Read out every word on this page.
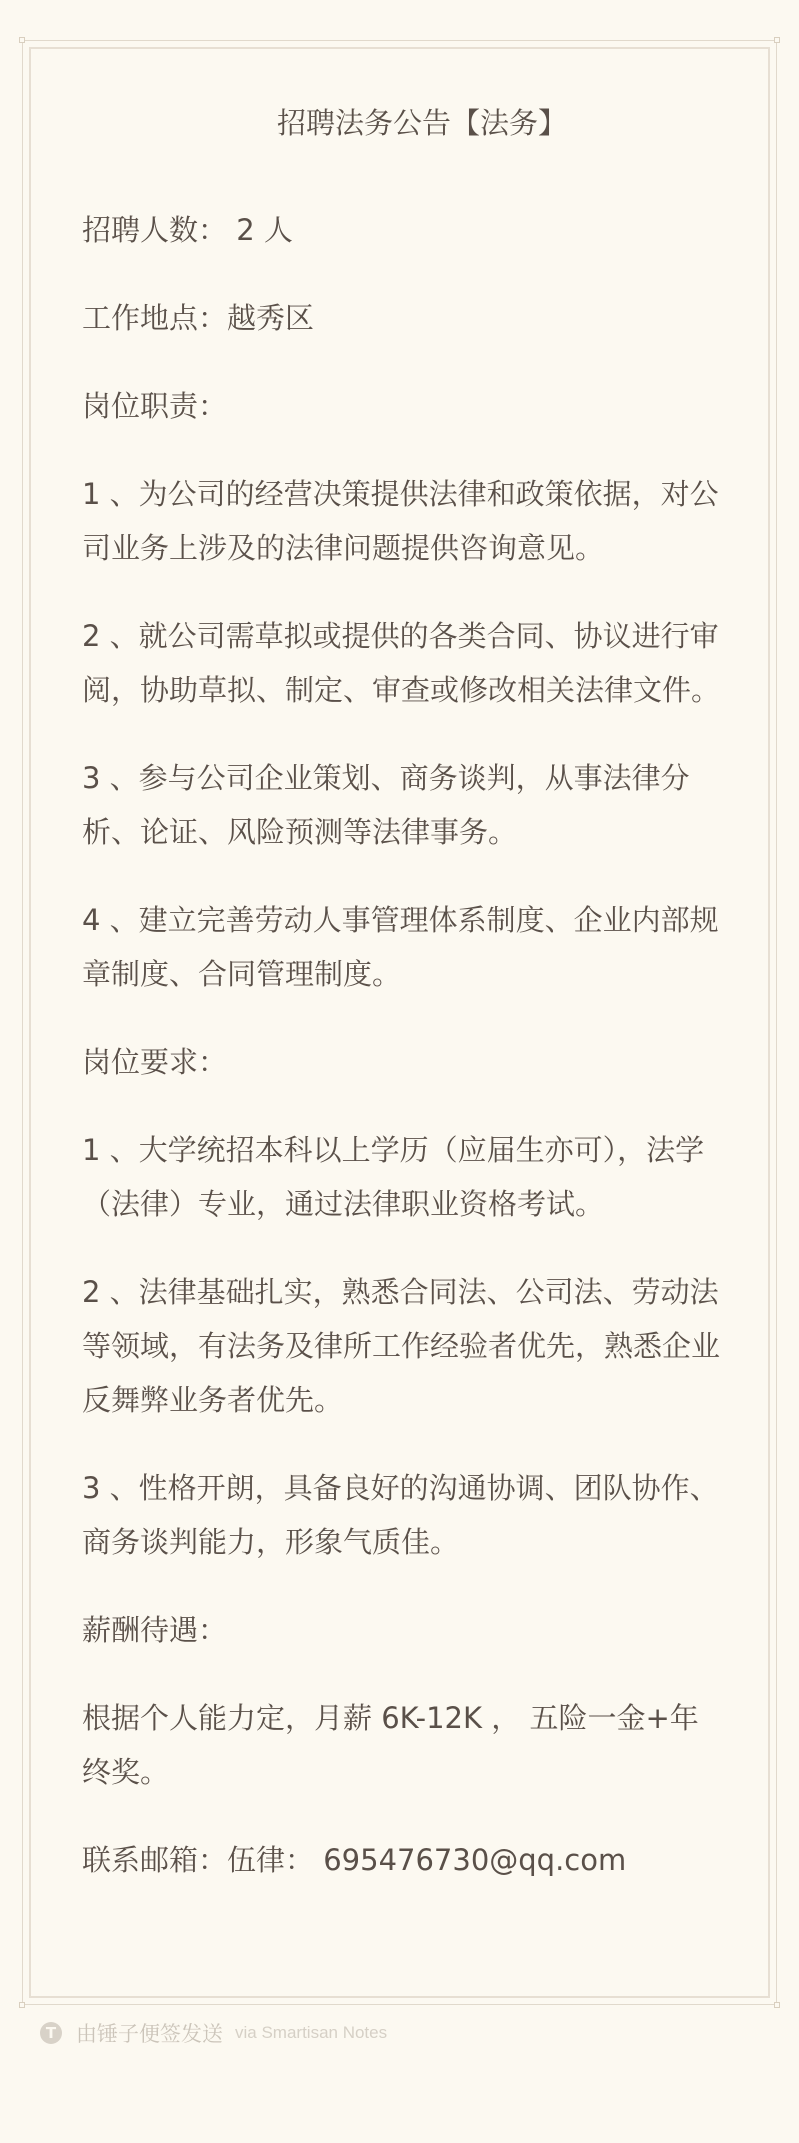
招聘法务公告【法务】

招聘人数： 2 人

工作地点：越秀区

岗位职责：

1 、为公司的经营决策提供法律和政策依据，对公司业务上涉及的法律问题提供咨询意见。

2 、就公司需草拟或提供的各类合同、协议进行审阅，协助草拟、制定、审查或修改相关法律文件。

3 、参与公司企业策划、商务谈判，从事法律分析、论证、风险预测等法律事务。

4 、建立完善劳动人事管理体系制度、企业内部规章制度、合同管理制度。

岗位要求：

1 、大学统招本科以上学历（应届生亦可），法学（法律）专业，通过法律职业资格考试。

2 、法律基础扎实，熟悉合同法、公司法、劳动法等领域，有法务及律所工作经验者优先，熟悉企业反舞弊业务者优先。

3 、性格开朗，具备良好的沟通协调、团队协作、商务谈判能力，形象气质佳。

薪酬待遇：

根据个人能力定，月薪 6K-12K ， 五险一金+年终奖。

联系邮箱：伍律： 695476730@qq.com

T 由锤子便签发送 via Smartisan Notes
